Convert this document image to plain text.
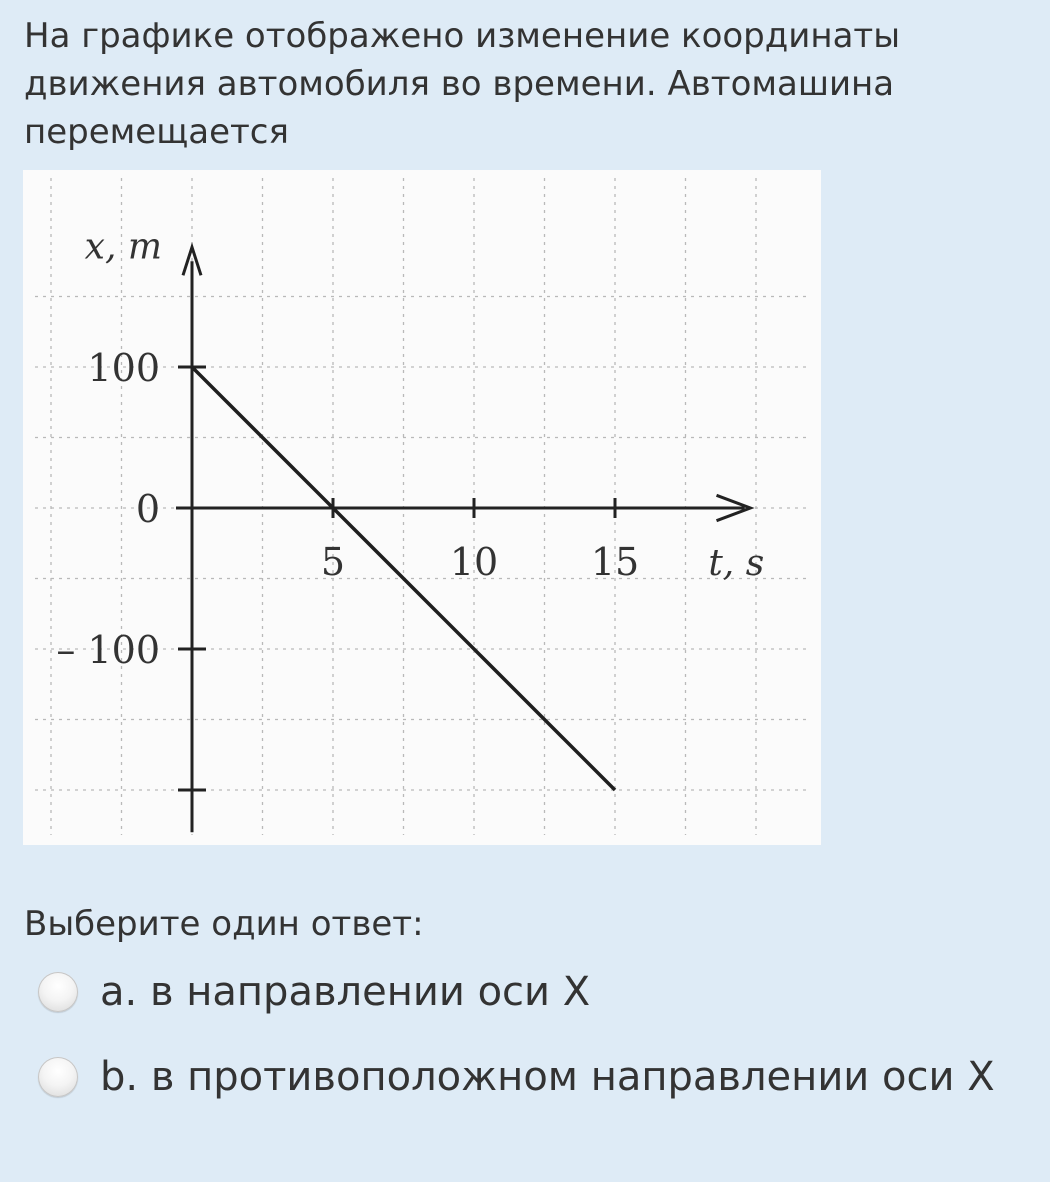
На графике отображено изменение координаты движения автомобиля во времени. Автомашина перемещается

5	10 15
100
0
– 100
t, s
x, m
Выберите один ответ:
a. в направлении оси X
b. в противоположном направлении оси X
